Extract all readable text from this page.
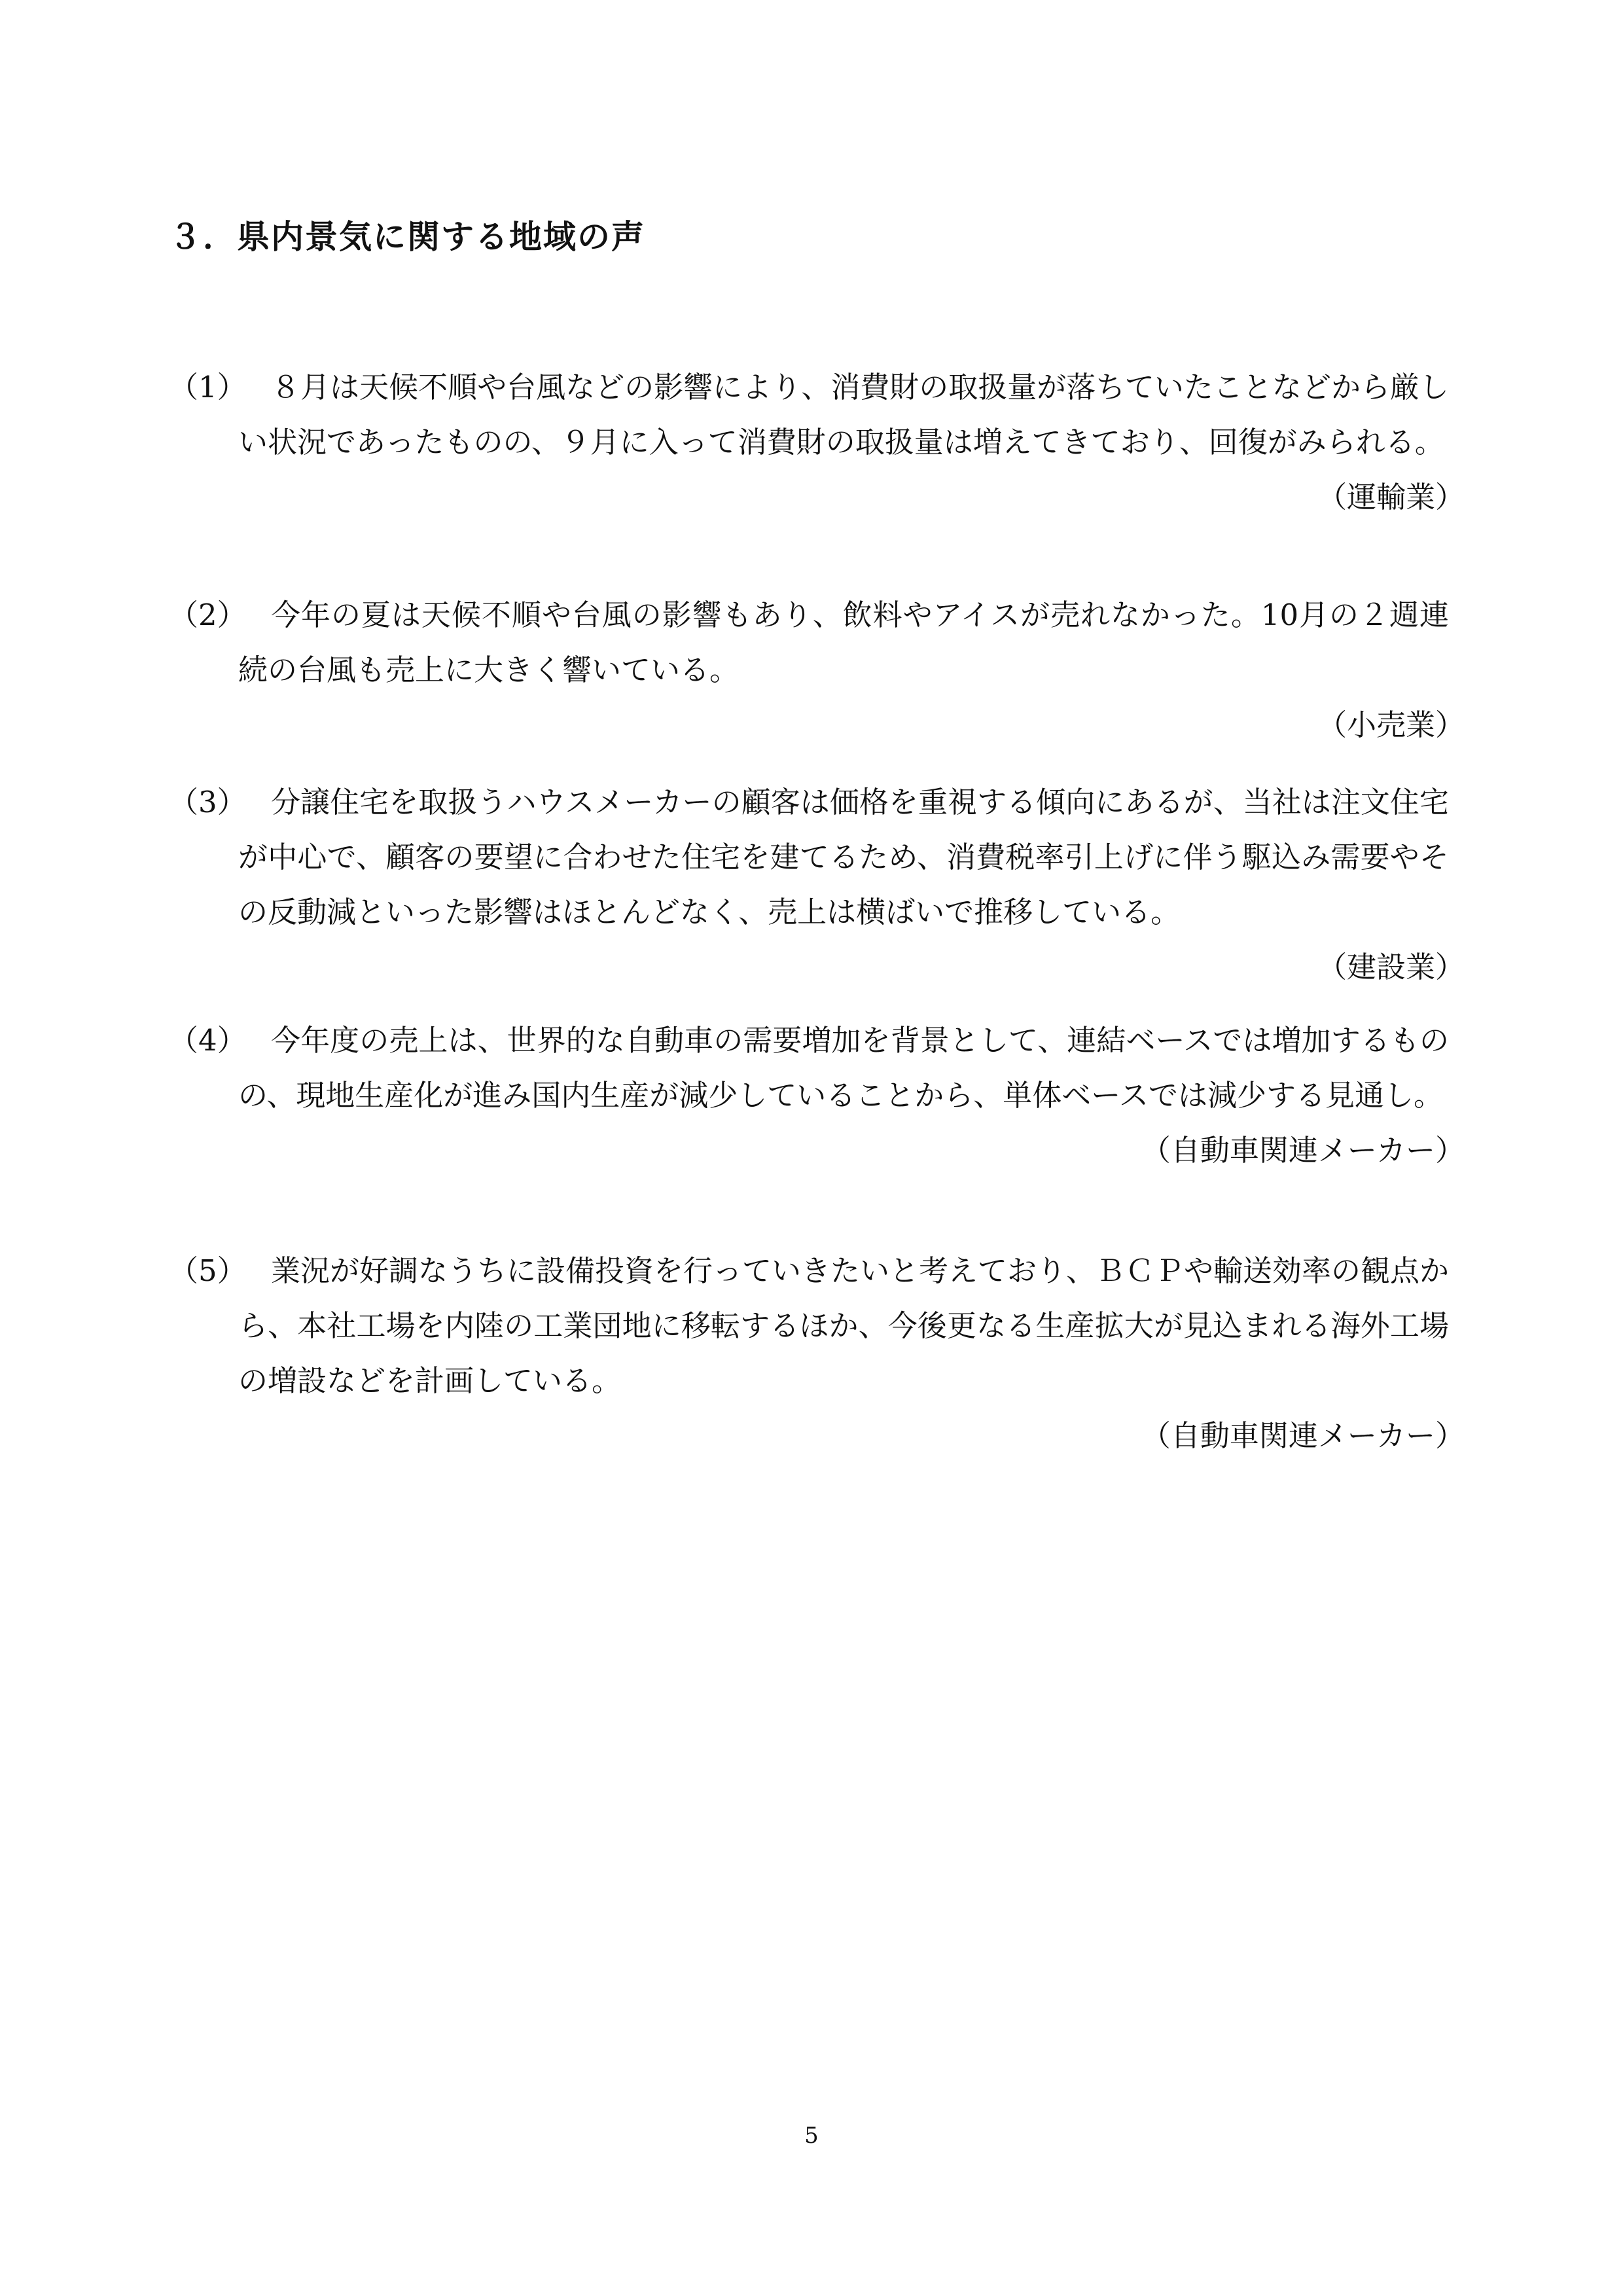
３．県内景気に関する地域の声
（1） ８月は天候不順や台風などの影響により、消費財の取扱量が落ちていたことなどから厳しい状況であったものの、９月に入って消費財の取扱量は増えてきており、回復がみられる。

（運輸業）

（2） 今年の夏は天候不順や台風の影響もあり、飲料やアイスが売れなかった。10月の２週連続の台風も売上に大きく響いている。

（小売業）

（3） 分譲住宅を取扱うハウスメーカーの顧客は価格を重視する傾向にあるが、当社は注文住宅が中心で、顧客の要望に合わせた住宅を建てるため、消費税率引上げに伴う駆込み需要やその反動減といった影響はほとんどなく、売上は横ばいで推移している。

（建設業）

（4） 今年度の売上は、世界的な自動車の需要増加を背景として、連結ベースでは増加するものの、現地生産化が進み国内生産が減少していることから、単体ベースでは減少する見通し。

（自動車関連メーカー）

（5） 業況が好調なうちに設備投資を行っていきたいと考えており、ＢＣＰや輸送効率の観点から、本社工場を内陸の工業団地に移転するほか、今後更なる生産拡大が見込まれる海外工場の増設などを計画している。

（自動車関連メーカー）

5
